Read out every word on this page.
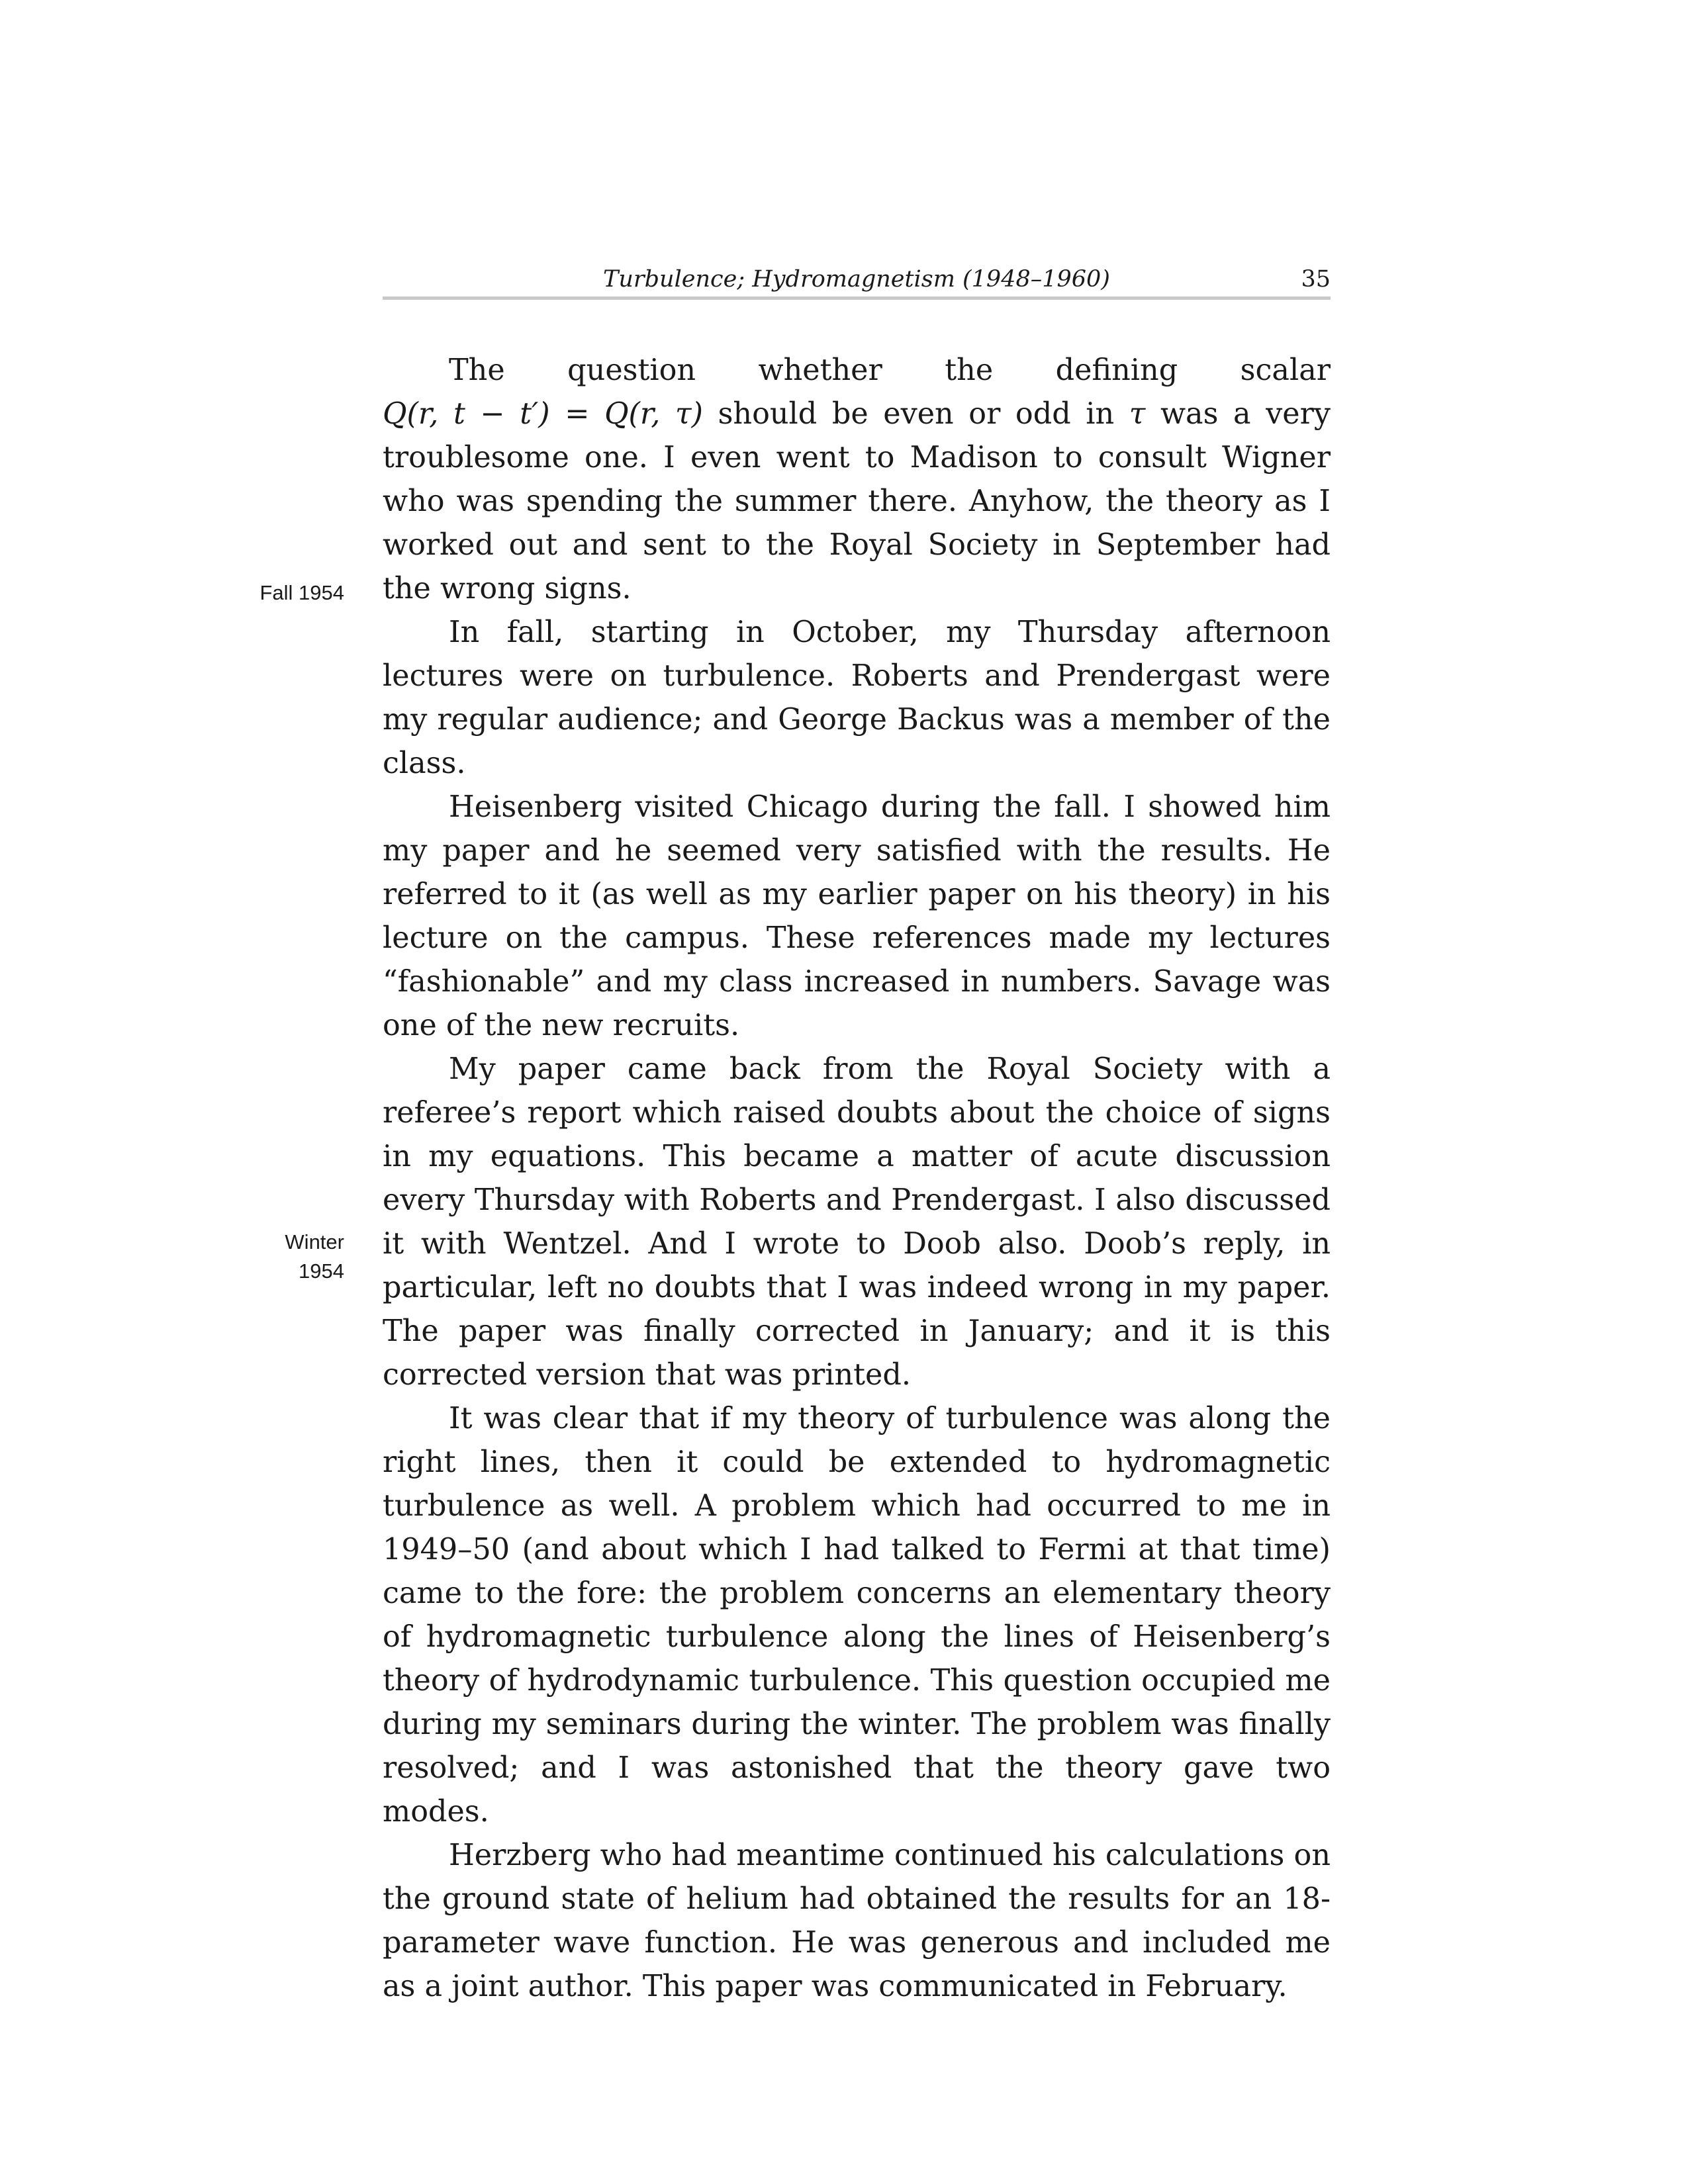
Turbulence; Hydromagnetism (1948–1960)	35
Fall 1954
Winter
1954

The question whether the defining scalar Q(r, t − t′) = Q(r, τ) should be even or odd in τ was a very troublesome one. I even went to Madison to consult Wigner who was spending the summer there. Anyhow, the theory as I worked out and sent to the Royal Society in September had the wrong signs.

In fall, starting in October, my Thursday afternoon lectures were on turbulence. Roberts and Prendergast were my regular audience; and George Backus was a member of the class.

Heisenberg visited Chicago during the fall. I showed him my paper and he seemed very satisfied with the results. He referred to it (as well as my earlier paper on his theory) in his lecture on the campus. These references made my lectures “fashionable” and my class increased in numbers. Savage was one of the new recruits.

My paper came back from the Royal Society with a referee’s report which raised doubts about the choice of signs in my equations. This became a matter of acute discussion every Thursday with Roberts and Prendergast. I also discussed it with Wentzel. And I wrote to Doob also. Doob’s reply, in particular, left no doubts that I was indeed wrong in my paper. The paper was finally corrected in January; and it is this corrected version that was printed.

It was clear that if my theory of turbulence was along the right lines, then it could be extended to hydromagnetic turbulence as well. A problem which had occurred to me in 1949–50 (and about which I had talked to Fermi at that time) came to the fore: the problem concerns an elementary theory of hydromagnetic turbulence along the lines of Heisenberg’s theory of hydrodynamic turbulence. This question occupied me during my seminars during the winter. The problem was finally resolved; and I was astonished that the theory gave two modes.

Herzberg who had meantime continued his calculations on the ground state of helium had obtained the results for an 18-parameter wave function. He was generous and included me as a joint author. This paper was communicated in February.
